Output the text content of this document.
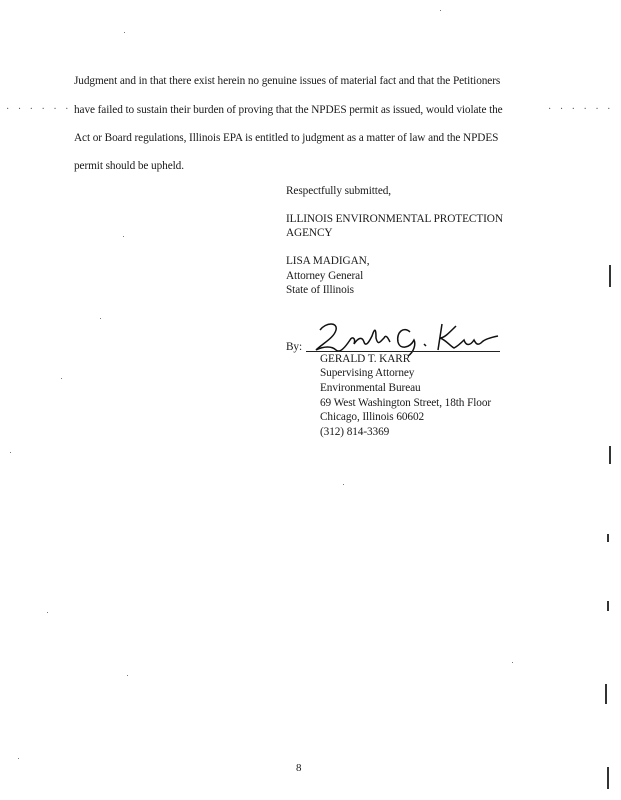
· · · · · ·	· · · · · ·
Judgment and in that there exist herein no genuine issues of material fact and that the Petitioners
have failed to sustain their burden of proving that the NPDES permit as issued, would violate the
Act or Board regulations, Illinois EPA is entitled to judgment as a matter of law and the NPDES
permit should be upheld.
Respectfully submitted,
ILLINOIS ENVIRONMENTAL PROTECTION
AGENCY
LISA MADIGAN,
Attorney General
State of Illinois
By:
GERALD T. KARR
Supervising Attorney
Environmental Bureau
69 West Washington Street, 18th Floor
Chicago, Illinois 60602
(312) 814-3369
8
